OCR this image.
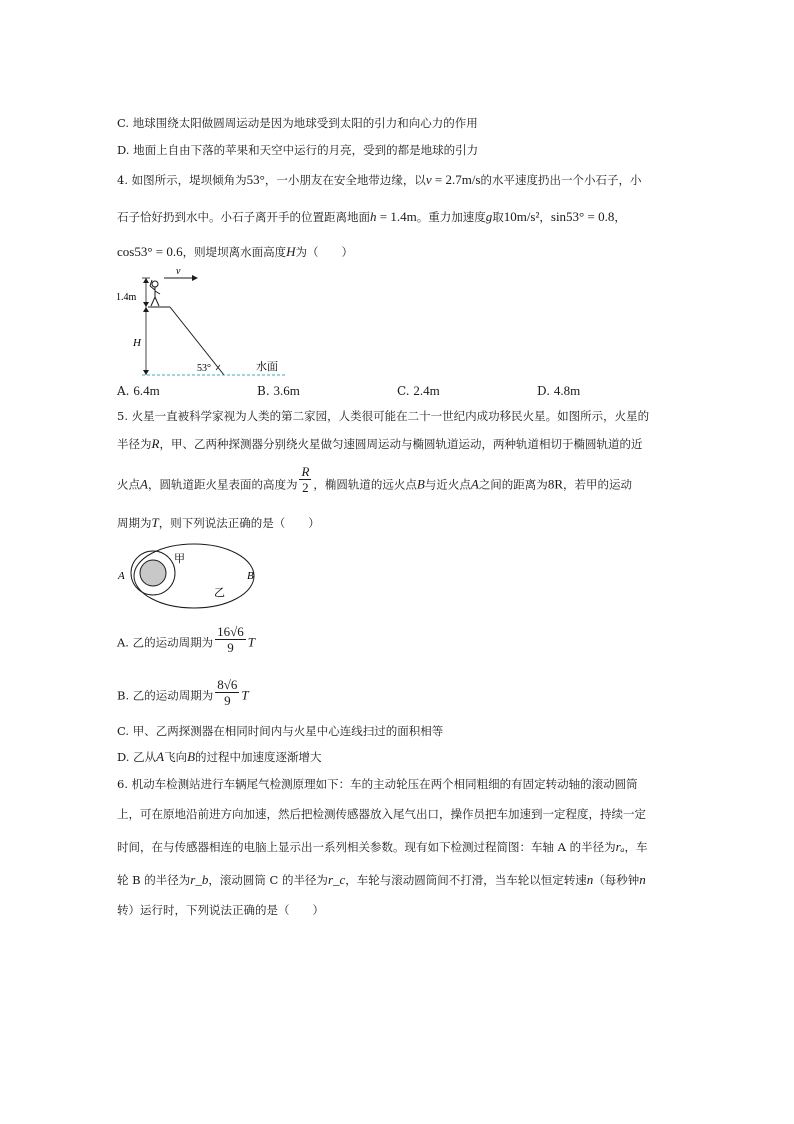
C. 地球围绕太阳做圆周运动是因为地球受到太阳的引力和向心力的作用
D. 地面上自由下落的苹果和天空中运行的月亮，受到的都是地球的引力
4. 如图所示，堤坝倾角为53°，一小朋友在安全地带边缘，以v = 2.7m/s的水平速度扔出一个小石子，小
石子恰好扔到水中。小石子离开手的位置距离地面h = 1.4m。重力加速度g取10m/s²，sin53° = 0.8，
cos53° = 0.6，则堤坝离水面高度H为（　　）
v
1.4m
H
53°	水面
A. 6.4m	B. 3.6m	C. 2.4m	D. 4.8m
5. 火星一直被科学家视为人类的第二家园，人类很可能在二十一世纪内成功移民火星。如图所示，火星的
半径为R，甲、乙两种探测器分别绕火星做匀速圆周运动与椭圆轨道运动，两种轨道相切于椭圆轨道的近
火点A，圆轨道距火星表面的高度为 $\frac{R}{2}$ ，椭圆轨道的远火点B与近火点A之间的距离为8R，若甲的运动
周期为T，则下列说法正确的是（　　）
A	B
甲
乙
A. 乙的运动周期为 $\frac{16√6}{9}$ T
B. 乙的运动周期为 $\frac{8√6}{9}$ T
C. 甲、乙两探测器在相同时间内与火星中心连线扫过的面积相等
D. 乙从A飞向B的过程中加速度逐渐增大
6. 机动车检测站进行车辆尾气检测原理如下：车的主动轮压在两个相同粗细的有固定转动轴的滚动圆筒
上，可在原地沿前进方向加速，然后把检测传感器放入尾气出口，操作员把车加速到一定程度，持续一定
时间，在与传感器相连的电脑上显示出一系列相关参数。现有如下检测过程简图：车轴 A 的半径为rₐ，车
轮 B 的半径为r_b，滚动圆筒 C 的半径为r_c，车轮与滚动圆筒间不打滑，当车轮以恒定转速n（每秒钟n
转）运行时，下列说法正确的是（　　）
